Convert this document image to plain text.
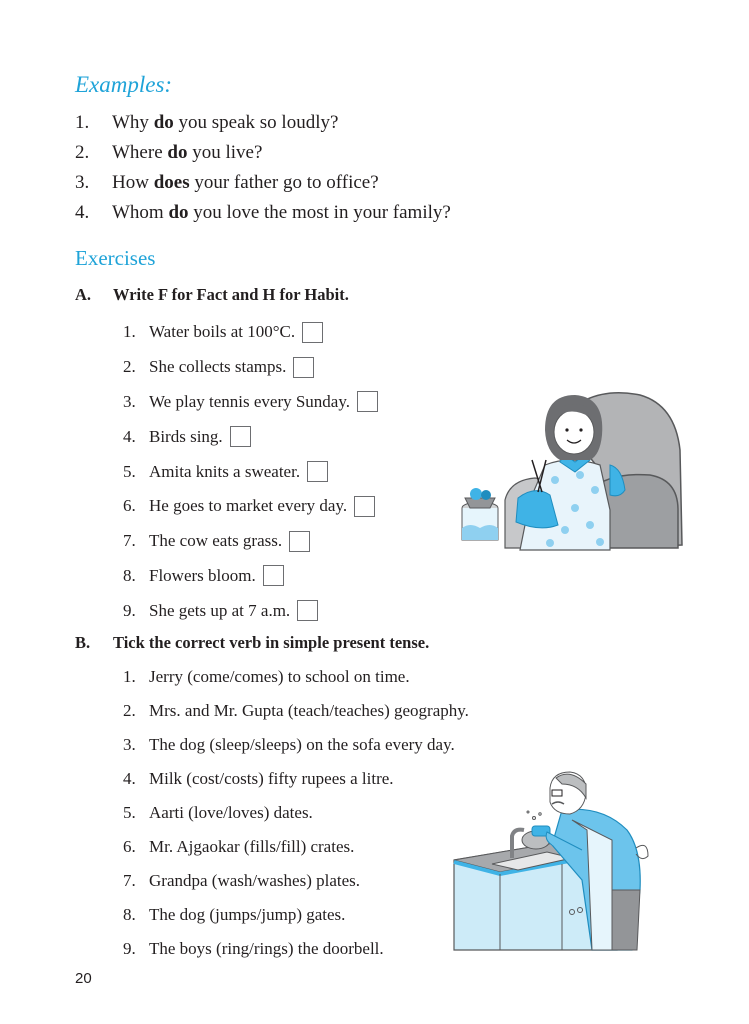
Examples:
1. Why do you speak so loudly?
2. Where do you live?
3. How does your father go to office?
4. Whom do you love the most in your family?
Exercises
A. Write F for Fact and H for Habit.
1. Water boils at 100°C.
2. She collects stamps.
3. We play tennis every Sunday.
4. Birds sing.
5. Amita knits a sweater.
6. He goes to market every day.
7. The cow eats grass.
8. Flowers bloom.
9. She gets up at 7 a.m.
B. Tick the correct verb in simple present tense.
1. Jerry (come/comes) to school on time.
2. Mrs. and Mr. Gupta (teach/teaches) geography.
3. The dog (sleep/sleeps) on the sofa every day.
4. Milk (cost/costs) fifty rupees a litre.
5. Aarti (love/loves) dates.
6. Mr. Ajgaokar (fills/fill) crates.
7. Grandpa (wash/washes) plates.
8. The dog (jumps/jump) gates.
9. The boys (ring/rings) the doorbell.
20
